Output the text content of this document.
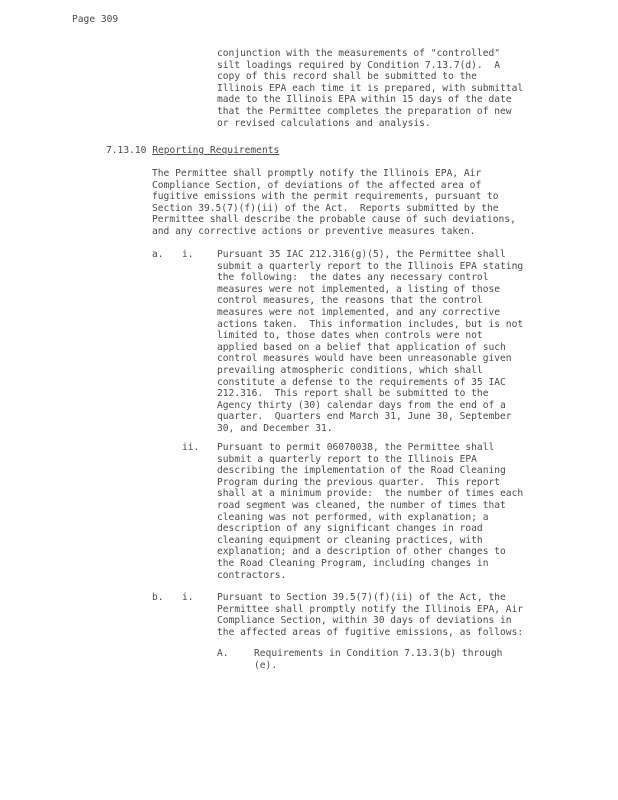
Page 309
conjunction with the measurements of "controlled"
silt loadings required by Condition 7.13.7(d).  A
copy of this record shall be submitted to the
Illinois EPA each time it is prepared, with submittal
made to the Illinois EPA within 15 days of the date
that the Permittee completes the preparation of new
or revised calculations and analysis.
7.13.10 Reporting Requirements
The Permittee shall promptly notify the Illinois EPA, Air
Compliance Section, of deviations of the affected area of
fugitive emissions with the permit requirements, pursuant to
Section 39.5(7)(f)(ii) of the Act.  Reports submitted by the
Permittee shall describe the probable cause of such deviations,
and any corrective actions or preventive measures taken.
a. i. Pursuant 35 IAC 212.316(g)(5), the Permittee shall
submit a quarterly report to the Illinois EPA stating
the following:  the dates any necessary control
measures were not implemented, a listing of those
control measures, the reasons that the control
measures were not implemented, and any corrective
actions taken.  This information includes, but is not
limited to, those dates when controls were not
applied based on a belief that application of such
control measures would have been unreasonable given
prevailing atmospheric conditions, which shall
constitute a defense to the requirements of 35 IAC
212.316.  This report shall be submitted to the
Agency thirty (30) calendar days from the end of a
quarter.  Quarters end March 31, June 30, September
30, and December 31.
ii. Pursuant to permit 06070038, the Permittee shall
submit a quarterly report to the Illinois EPA
describing the implementation of the Road Cleaning
Program during the previous quarter.  This report
shall at a minimum provide:  the number of times each
road segment was cleaned, the number of times that
cleaning was not performed, with explanation; a
description of any significant changes in road
cleaning equipment or cleaning practices, with
explanation; and a description of other changes to
the Road Cleaning Program, including changes in
contractors.
b. i. Pursuant to Section 39.5(7)(f)(ii) of the Act, the
Permittee shall promptly notify the Illinois EPA, Air
Compliance Section, within 30 days of deviations in
the affected areas of fugitive emissions, as follows:
A.	Requirements in Condition 7.13.3(b) through
(e).
